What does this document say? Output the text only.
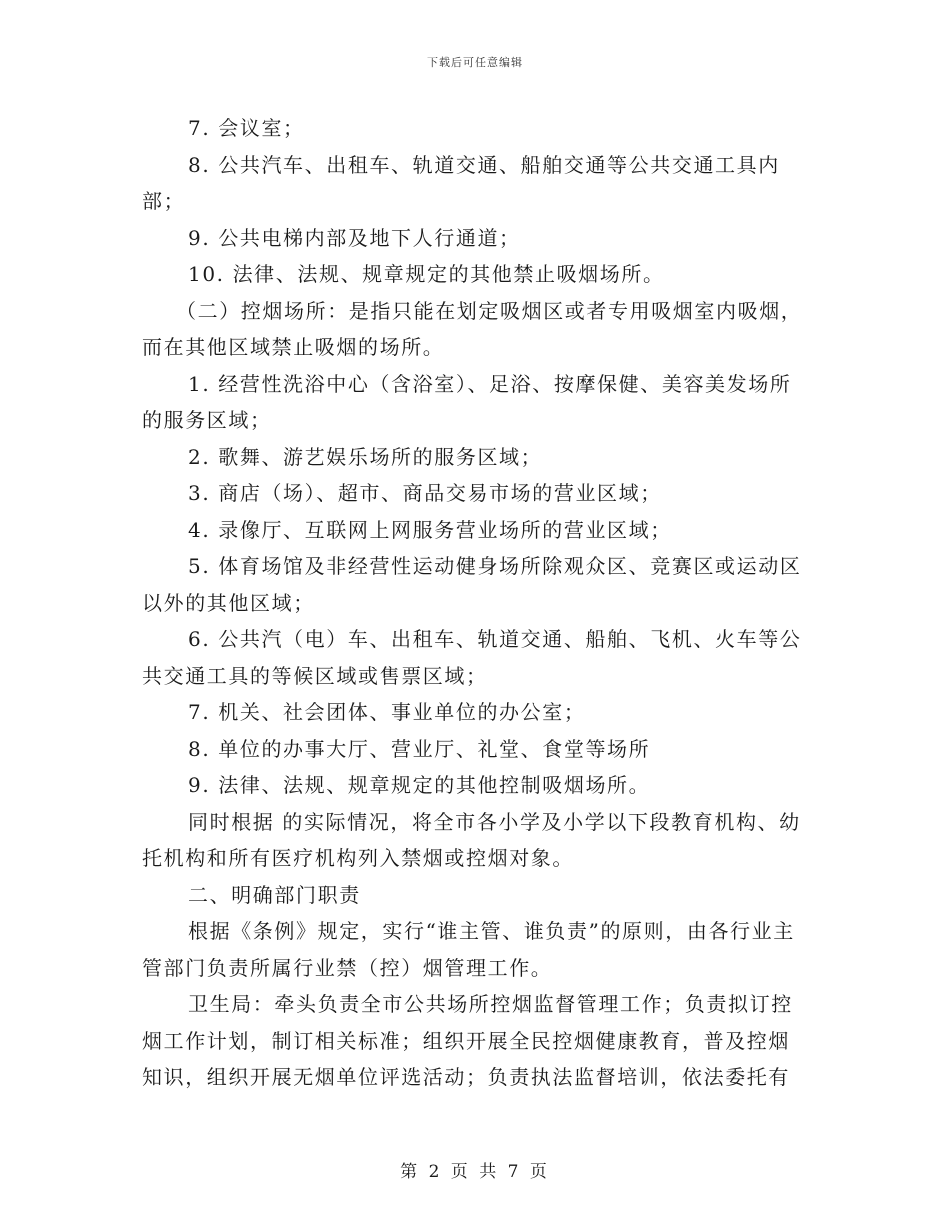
下载后可任意编辑

7. 会议室；

8. 公共汽车、出租车、轨道交通、船舶交通等公共交通工具内部；

9. 公共电梯内部及地下人行通道；

10. 法律、法规、规章规定的其他禁止吸烟场所。

（二）控烟场所：是指只能在划定吸烟区或者专用吸烟室内吸烟，而在其他区域禁止吸烟的场所。

1. 经营性洗浴中心（含浴室）、足浴、按摩保健、美容美发场所的服务区域；

2. 歌舞、游艺娱乐场所的服务区域；

3. 商店（场）、超市、商品交易市场的营业区域；

4. 录像厅、互联网上网服务营业场所的营业区域；

5. 体育场馆及非经营性运动健身场所除观众区、竞赛区或运动区以外的其他区域；

6. 公共汽（电）车、出租车、轨道交通、船舶、飞机、火车等公共交通工具的等候区域或售票区域；

7. 机关、社会团体、事业单位的办公室；

8. 单位的办事大厅、营业厅、礼堂、食堂等场所

9. 法律、法规、规章规定的其他控制吸烟场所。

同时根据 的实际情况，将全市各小学及小学以下段教育机构、幼托机构和所有医疗机构列入禁烟或控烟对象。

二、明确部门职责

根据《条例》规定，实行“谁主管、谁负责”的原则，由各行业主管部门负责所属行业禁（控）烟管理工作。

卫生局：牵头负责全市公共场所控烟监督管理工作；负责拟订控烟工作计划，制订相关标准；组织开展全民控烟健康教育，普及控烟知识，组织开展无烟单位评选活动；负责执法监督培训，依法委托有

第 2 页 共 7 页
